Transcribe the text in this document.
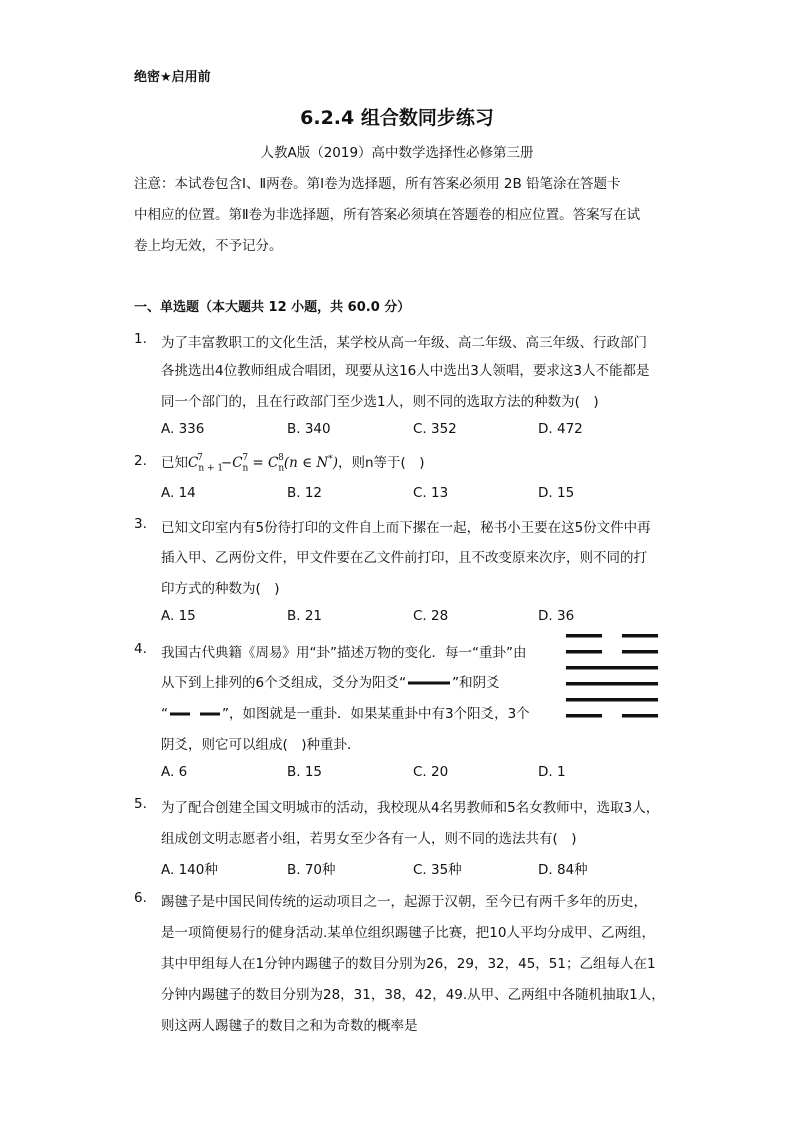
绝密★启用前
6.2.4 组合数同步练习
人教A版（2019）高中数学选择性必修第三册
注意：本试卷包含Ⅰ、Ⅱ两卷。第Ⅰ卷为选择题，所有答案必须用 2B 铅笔涂在答题卡
中相应的位置。第Ⅱ卷为非选择题，所有答案必须填在答题卷的相应位置。答案写在试
卷上均无效，不予记分。
一、单选题（本大题共 12 小题，共 60.0 分）
1. 为了丰富教职工的文化生活，某学校从高一年级、高二年级、高三年级、行政部门
各挑选出4位教师组成合唱团，现要从这16人中选出3人领唱，要求这3人不能都是
同一个部门的，且在行政部门至少选1人，则不同的选取方法的种数为(　)
A. 336	B. 340	C. 352	D. 472
2. 已知$C_{n + 1}^7 -C_n^7 = C_n^8(n$ ∈ N*)，则n等于(　)
A. 14	B. 12	C. 13	D. 15
3. 已知文印室内有5份待打印的文件自上而下摞在一起，秘书小王要在这5份文件中再
插入甲、乙两份文件，甲文件要在乙文件前打印，且不改变原来次序，则不同的打
印方式的种数为(　)
A. 15	B. 21	C. 28	D. 36
4. 我国古代典籍《周易》用“卦”描述万物的变化．每一“重卦”由
从下到上排列的6个爻组成，爻分为阳爻“	”和阴爻
“	”，如图就是一重卦．如果某重卦中有3个阳爻，3个
阴爻，则它可以组成(　)种重卦．
A. 6	B. 15	C. 20	D. 1
5. 为了配合创建全国文明城市的活动，我校现从4名男教师和5名女教师中，选取3人，
组成创文明志愿者小组，若男女至少各有一人，则不同的选法共有(　)
A. 140种	B. 70种	C. 35种	D. 84种
6. 踢毽子是中国民间传统的运动项目之一，起源于汉朝，至今已有两千多年的历史，
是一项简便易行的健身活动.某单位组织踢毽子比赛，把10人平均分成甲、乙两组，
其中甲组每人在1分钟内踢毽子的数目分别为26，29，32，45，51；乙组每人在1
分钟内踢毽子的数目分别为28，31，38，42，49.从甲、乙两组中各随机抽取1人，
则这两人踢毽子的数目之和为奇数的概率是
